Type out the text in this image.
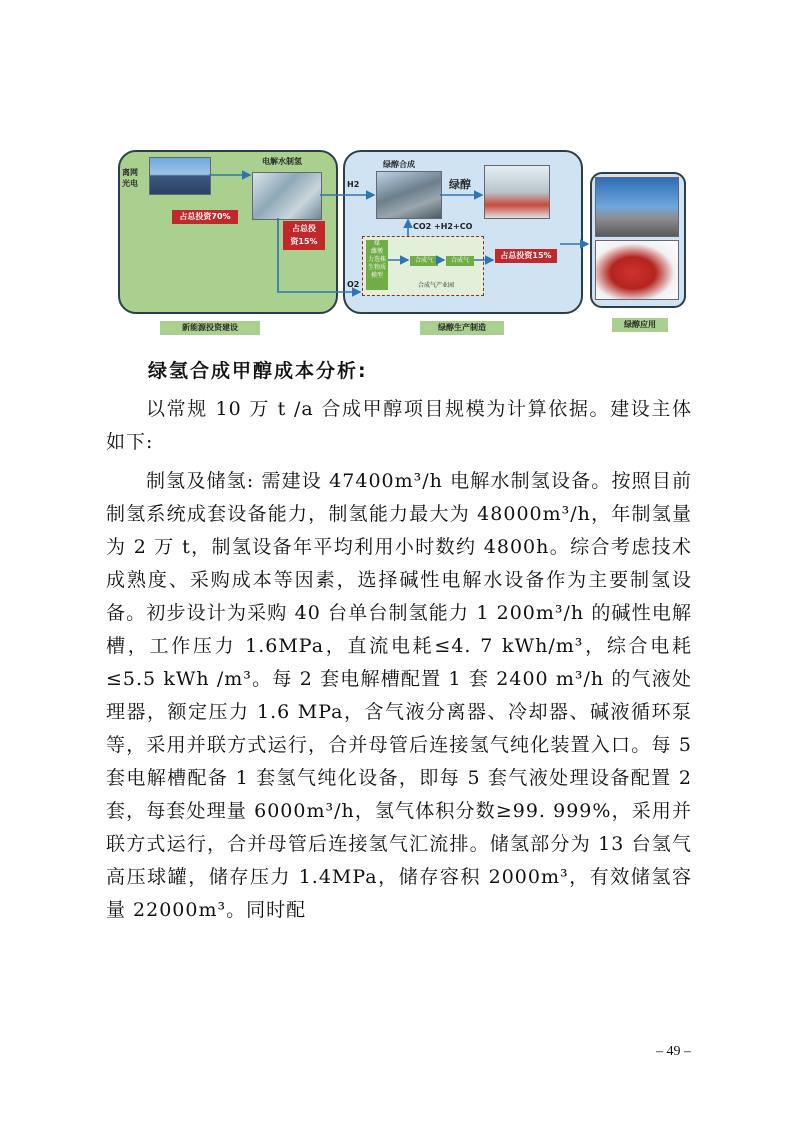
离网
光电
电解水制氢
占总投资70%
占总投
资15%
新能源投资建设
绿醇合成
绿醇
H2
O2
CO2 +H2+CO
煤
雌墩
力选株
生物质
模型
合成气	合成气
合成气产业园
占总投资15%
绿醇生产制造	绿醇应用

绿氢合成甲醇成本分析:

以常规 10 万 t /a 合成甲醇项目规模为计算依据。建设主体如下:

制氢及储氢: 需建设 47400m³/h 电解水制氢设备。按照目前制氢系统成套设备能力，制氢能力最大为 48000m³/h，年制氢量为 2 万 t，制氢设备年平均利用小时数约 4800h。综合考虑技术成熟度、采购成本等因素，选择碱性电解水设备作为主要制氢设备。初步设计为采购 40 台单台制氢能力 1 200m³/h 的碱性电解槽，工作压力 1.6MPa，直流电耗≤4. 7 kWh/m³，综合电耗≤5.5 kWh /m³。每 2 套电解槽配置 1 套 2400 m³/h 的气液处理器，额定压力 1.6 MPa，含气液分离器、冷却器、碱液循环泵等，采用并联方式运行，合并母管后连接氢气纯化装置入口。每 5 套电解槽配备 1 套氢气纯化设备，即每 5 套气液处理设备配置 2 套，每套处理量 6000m³/h，氢气体积分数≥99. 999%，采用并联方式运行，合并母管后连接氢气汇流排。储氢部分为 13 台氢气高压球罐，储存压力 1.4MPa，储存容积 2000m³，有效储氢容量 22000m³。同时配

– 49 –
